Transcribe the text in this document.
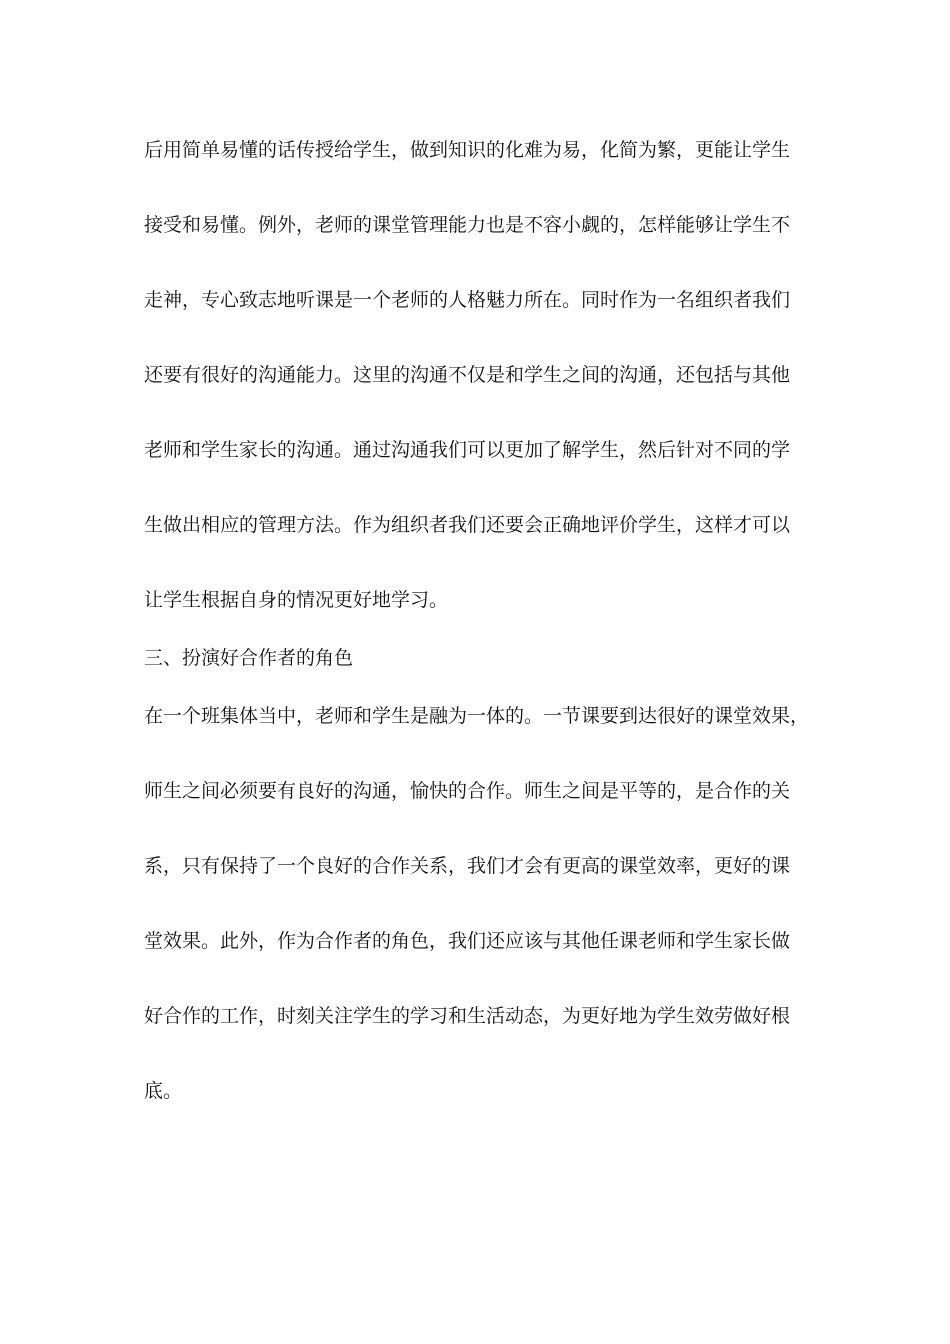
后用简单易懂的话传授给学生，做到知识的化难为易，化简为繁，更能让学生
接受和易懂。例外，老师的课堂管理能力也是不容小觑的，怎样能够让学生不
走神，专心致志地听课是一个老师的人格魅力所在。同时作为一名组织者我们
还要有很好的沟通能力。这里的沟通不仅是和学生之间的沟通，还包括与其他
老师和学生家长的沟通。通过沟通我们可以更加了解学生，然后针对不同的学
生做出相应的管理方法。作为组织者我们还要会正确地评价学生，这样才可以
让学生根据自身的情况更好地学习。
三、扮演好合作者的角色
在一个班集体当中，老师和学生是融为一体的。一节课要到达很好的课堂效果，
师生之间必须要有良好的沟通，愉快的合作。师生之间是平等的，是合作的关
系，只有保持了一个良好的合作关系，我们才会有更高的课堂效率，更好的课
堂效果。此外，作为合作者的角色，我们还应该与其他任课老师和学生家长做
好合作的工作，时刻关注学生的学习和生活动态，为更好地为学生效劳做好根
底。
